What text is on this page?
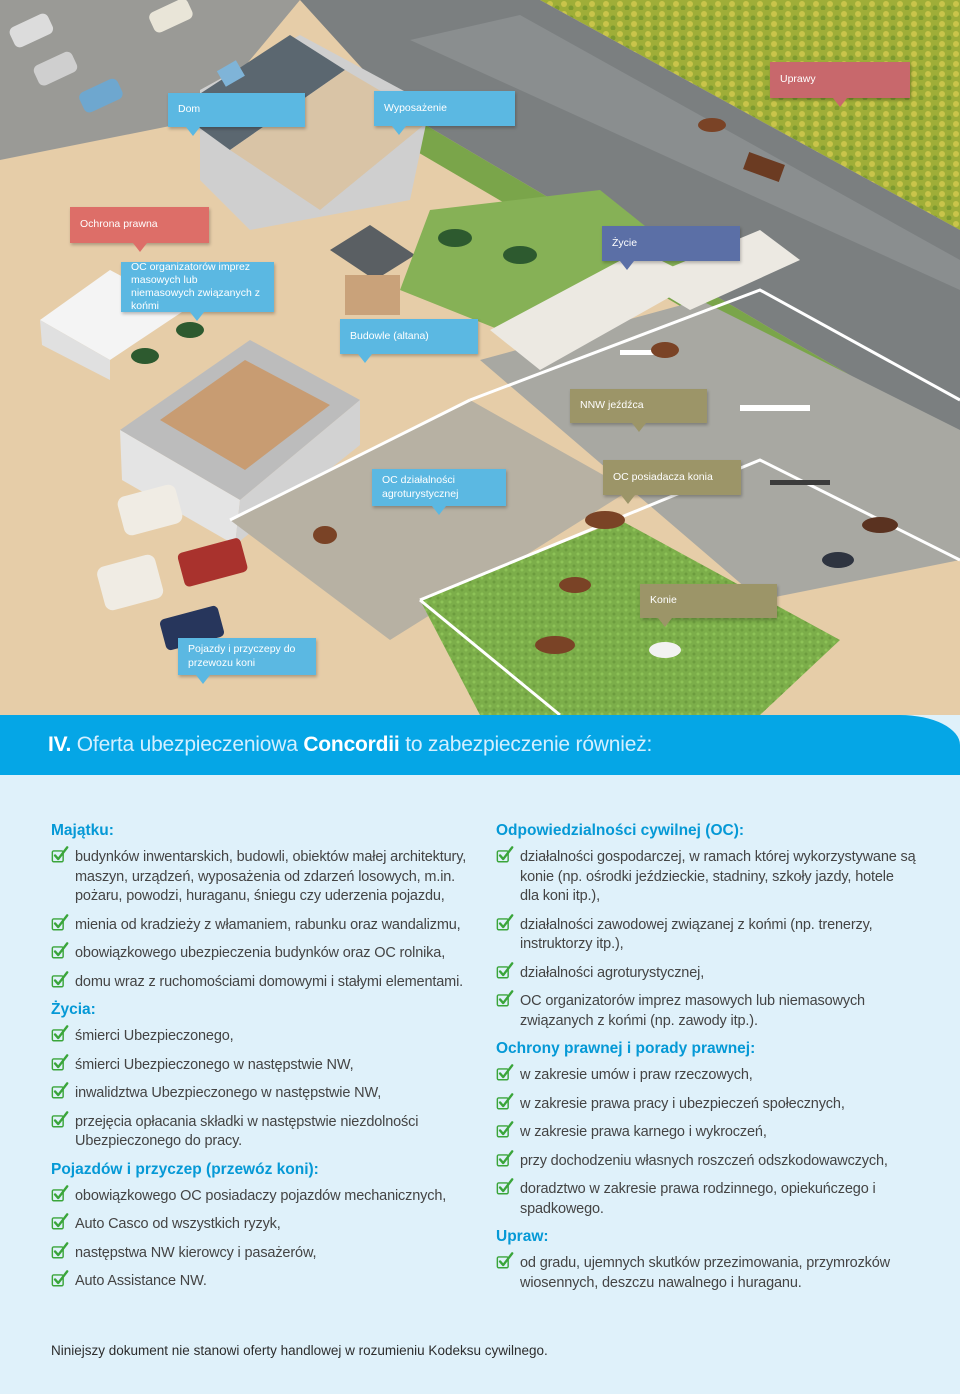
Dom	Wyposażenie
Uprawy
Ochrona prawna
Życie
OC organizatorów imprez masowych lub niemasowych związanych z końmi
Budowle (altana)
NNW jeźdźca
OC działalności agroturystycznej
OC posiadacza konia
Konie
Pojazdy i przyczepy do przewozu koni
IV. Oferta ubezpieczeniowa Concordii to zabezpieczenie również:
Majątku:
budynków inwentarskich, budowli, obiektów małej architektury, maszyn, urządzeń, wyposażenia od zdarzeń losowych, m.in. pożaru, powodzi, huraganu, śniegu czy uderzenia pojazdu,
mienia od kradzieży z włamaniem, rabunku oraz wandalizmu,
obowiązkowego ubezpieczenia budynków oraz OC rolnika,
domu wraz z ruchomościami domowymi i stałymi elementami.
Życia:
śmierci Ubezpieczonego,
śmierci Ubezpieczonego w następstwie NW,
inwalidztwa Ubezpieczonego w następstwie NW,
przejęcia opłacania składki w następstwie niezdolności Ubezpieczonego do pracy.
Pojazdów i przyczep (przewóz koni):
obowiązkowego OC posiadaczy pojazdów mechanicznych,
Auto Casco od wszystkich ryzyk,
następstwa NW kierowcy i pasażerów,
Auto Assistance NW.
Odpowiedzialności cywilnej (OC):
działalności gospodarczej, w ramach której wykorzystywane są konie (np. ośrodki jeździeckie, stadniny, szkoły jazdy, hotele dla koni itp.),
działalności zawodowej związanej z końmi (np. trenerzy, instruktorzy itp.),
działalności agroturystycznej,
OC organizatorów imprez masowych lub niemasowych związanych z końmi (np. zawody itp.).
Ochrony prawnej i porady prawnej:
w zakresie umów i praw rzeczowych,
w zakresie prawa pracy i ubezpieczeń społecznych,
w zakresie prawa karnego i wykroczeń,
przy dochodzeniu własnych roszczeń odszkodowawczych,
doradztwo w zakresie prawa rodzinnego, opiekuńczego i spadkowego.
Upraw:
od gradu, ujemnych skutków przezimowania, przymrozków wiosennych, deszczu nawalnego i huraganu.
Niniejszy dokument nie stanowi oferty handlowej w rozumieniu Kodeksu cywilnego.
